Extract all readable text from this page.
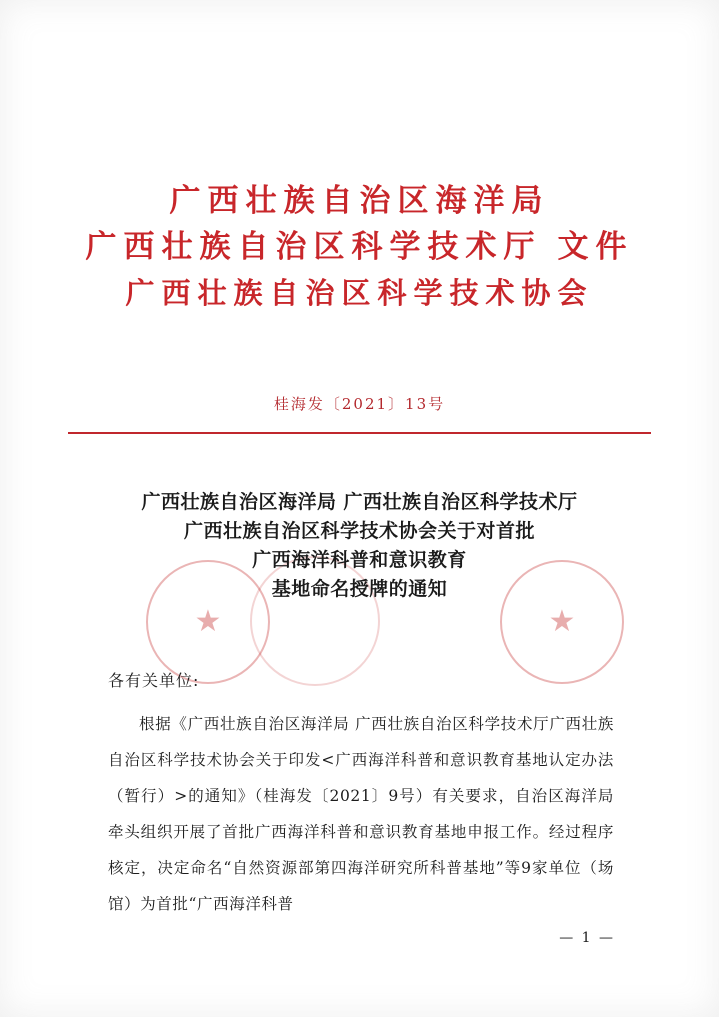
广西壮族自治区海洋局
广西壮族自治区科学技术厅 文件
广西壮族自治区科学技术协会
桂海发〔2021〕13号
★	★
广西壮族自治区海洋局 广西壮族自治区科学技术厅
广西壮族自治区科学技术协会关于对首批
广西海洋科普和意识教育
基地命名授牌的通知
各有关单位:

根据《广西壮族自治区海洋局 广西壮族自治区科学技术厅广西壮族自治区科学技术协会关于印发<广西海洋科普和意识教育基地认定办法（暂行）>的通知》（桂海发〔2021〕9号）有关要求，自治区海洋局牵头组织开展了首批广西海洋科普和意识教育基地申报工作。经过程序核定，决定命名“自然资源部第四海洋研究所科普基地”等9家单位（场馆）为首批“广西海洋科普

— 1 —
